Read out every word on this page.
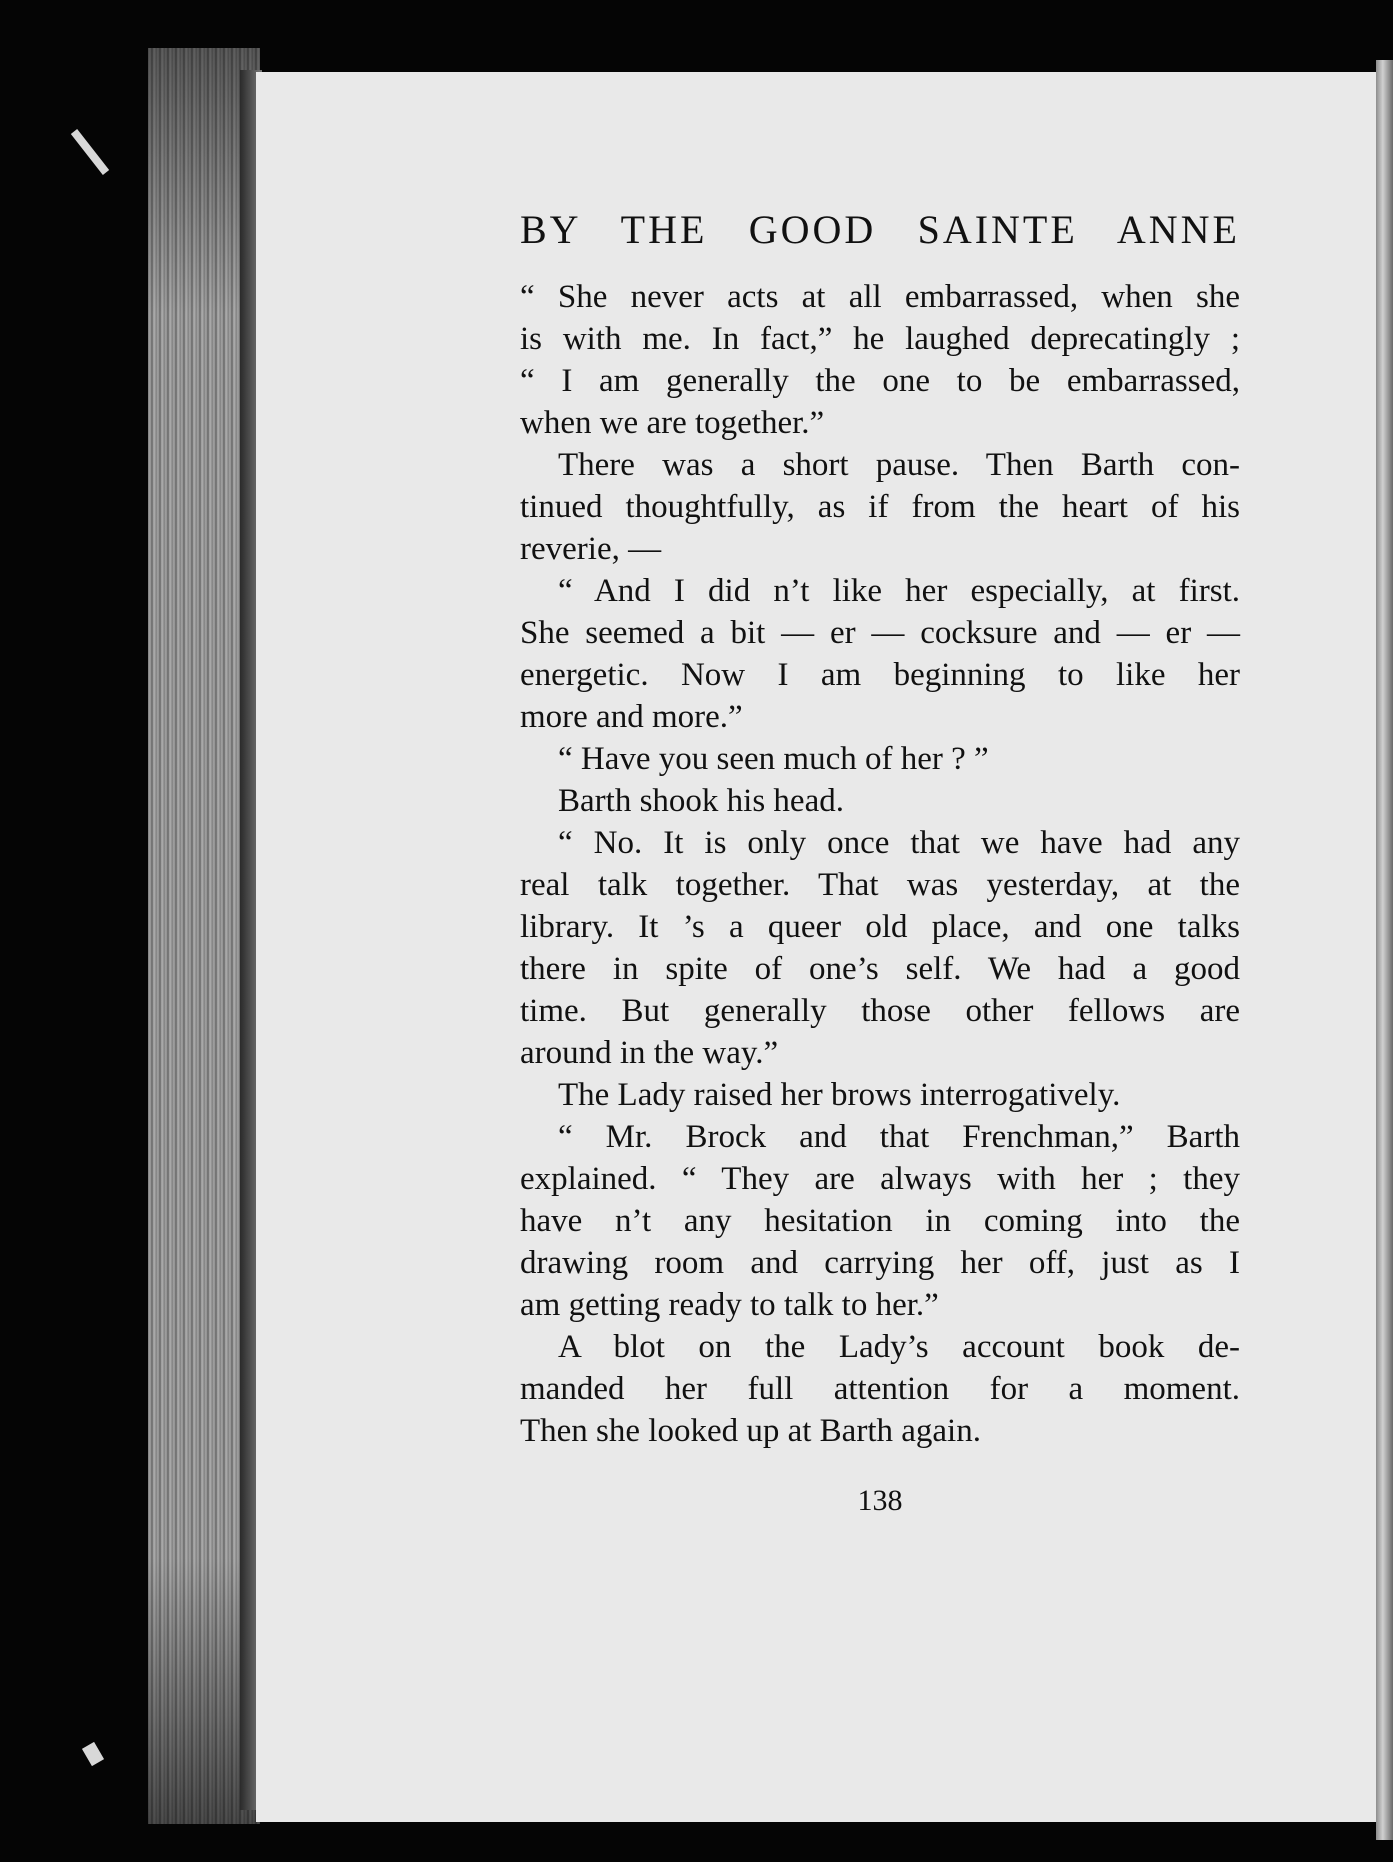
BY THE GOOD SAINTE ANNE
“ She never acts at all embarrassed, when she
is with me. In fact,” he laughed deprecatingly ;
“ I am generally the one to be embarrassed,
when we are together.”
There was a short pause. Then Barth con-
tinued thoughtfully, as if from the heart of his
reverie, —
“ And I did n’t like her especially, at first.
She seemed a bit — er — cocksure and — er —
energetic. Now I am beginning to like her
more and more.”
“ Have you seen much of her ? ”
Barth shook his head.
“ No. It is only once that we have had any
real talk together. That was yesterday, at the
library. It ’s a queer old place, and one talks
there in spite of one’s self. We had a good
time. But generally those other fellows are
around in the way.”
The Lady raised her brows interrogatively.
“ Mr. Brock and that Frenchman,” Barth
explained. “ They are always with her ; they
have n’t any hesitation in coming into the
drawing room and carrying her off, just as I
am getting ready to talk to her.”
A blot on the Lady’s account book de-
manded her full attention for a moment.
Then she looked up at Barth again.
138
